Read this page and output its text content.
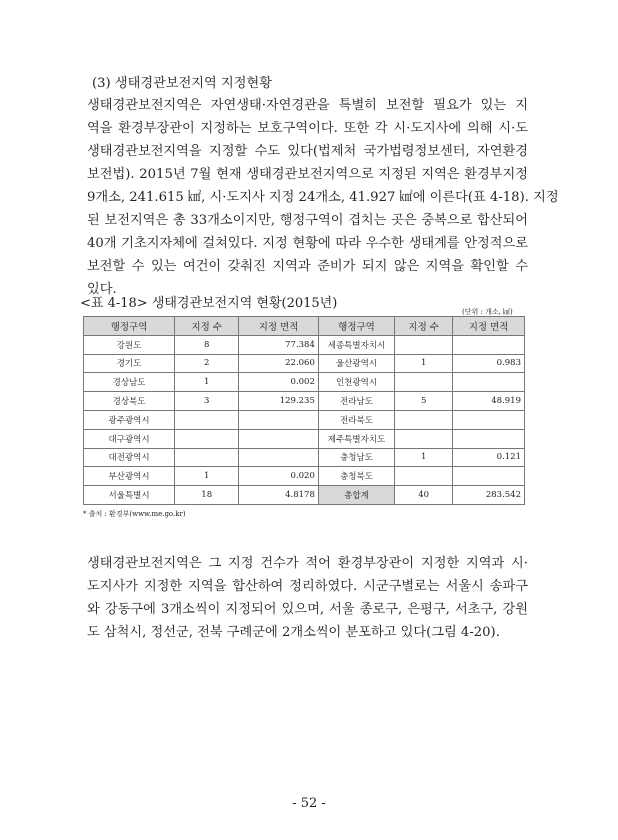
(3) 생태경관보전지역 지정현황
생태경관보전지역은 자연생태·자연경관을 특별히 보전할 필요가 있는 지
역을 환경부장관이 지정하는 보호구역이다. 또한 각 시·도지사에 의해 시·도
생태경관보전지역을 지정할 수도 있다(법제처 국가법령정보센터, 자연환경
보전법). 2015년 7월 현재 생태경관보전지역으로 지정된 지역은 환경부지정
9개소, 241.615 ㎢, 시·도지사 지정 24개소, 41.927 ㎢에 이른다(표 4-18). 지정
된 보전지역은 총 33개소이지만, 행정구역이 겹치는 곳은 중복으로 합산되어
40개 기초지자체에 걸쳐있다. 지정 현황에 따라 우수한 생태계를 안정적으로
보전할 수 있는 여건이 갖춰진 지역과 준비가 되지 않은 지역을 확인할 수
있다.
<표 4-18> 생태경관보전지역 현황(2015년)
(단위 : 개소, ㎢)
행정구역	지정 수	지정 면적	행정구역	지정 수	지정 면적
강원도	8	77.384	세종특별자치시		
경기도	2	22.060	울산광역시	1	0.983
경상남도	1	0.002	인천광역시		
경상북도	3	129.235	전라남도	5	48.919
광주광역시			전라북도		
대구광역시			제주특별자치도		
대전광역시			충청남도	1	0.121
부산광역시	1	0.020	충청북도		
서울특별시	18	4.8178	총합계	40	283.542
* 출처 : 환경부(www.me.go.kr)
생태경관보전지역은 그 지정 건수가 적어 환경부장관이 지정한 지역과 시·
도지사가 지정한 지역을 합산하여 정리하였다. 시군구별로는 서울시 송파구
와 강동구에 3개소씩이 지정되어 있으며, 서울 종로구, 은평구, 서초구, 강원
도 삼척시, 정선군, 전북 구례군에 2개소씩이 분포하고 있다(그림 4-20).
- 52 -
